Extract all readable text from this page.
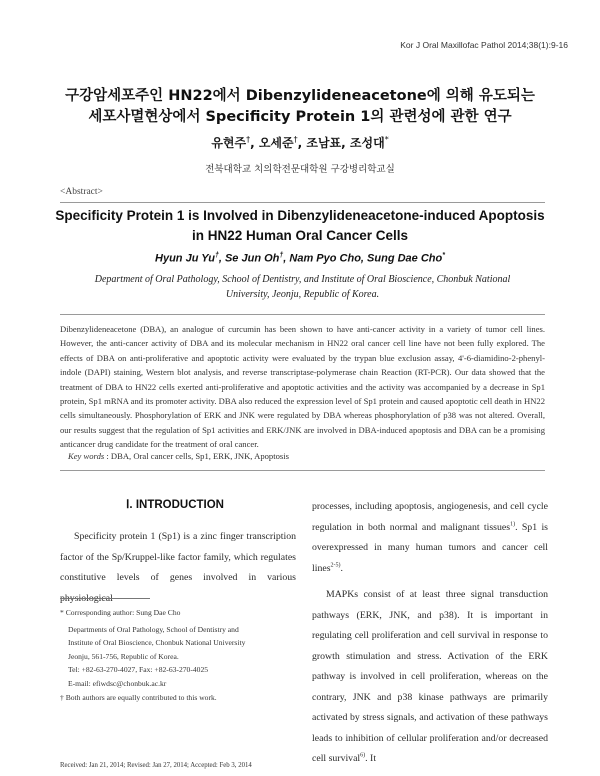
Kor J Oral Maxillofac Pathol 2014;38(1):9-16
구강암세포주인 HN22에서 Dibenzylideneacetone에 의해 유도되는
세포사멸현상에서 Specificity Protein 1의 관련성에 관한 연구
유현주†, 오세준†, 조남표, 조성대*
전북대학교 치의학전문대학원 구강병리학교실
<Abstract>
Specificity Protein 1 is Involved in Dibenzylideneacetone-induced Apoptosis
in HN22 Human Oral Cancer Cells
Hyun Ju Yu†, Se Jun Oh†, Nam Pyo Cho, Sung Dae Cho*
Department of Oral Pathology, School of Dentistry, and Institute of Oral Bioscience, Chonbuk National
University, Jeonju, Republic of Korea.
Dibenzylideneacetone (DBA), an analogue of curcumin has been shown to have anti-cancer activity in a variety of tumor cell lines. However, the anti-cancer activity of DBA and its molecular mechanism in HN22 oral cancer cell line have not been fully explored. The effects of DBA on anti-proliferative and apoptotic activity were evaluated by the trypan blue exclusion assay, 4'-6-diamidino-2-phenyl-indole (DAPI) staining, Western blot analysis, and reverse transcriptase-polymerase chain Reaction (RT-PCR). Our data showed that the treatment of DBA to HN22 cells exerted anti-proliferative and apoptotic activities and the activity was accompanied by a decrease in Sp1 protein, Sp1 mRNA and its promoter activity. DBA also reduced the expression level of Sp1 protein and caused apoptotic cell death in HN22 cells simultaneously. Phosphorylation of ERK and JNK were regulated by DBA whereas phosphorylation of p38 was not altered. Overall, our results suggest that the regulation of Sp1 activities and ERK/JNK are involved in DBA-induced apoptosis and DBA can be a promising anticancer drug candidate for the treatment of oral cancer.
Key words : DBA, Oral cancer cells, Sp1, ERK, JNK, Apoptosis
Ⅰ. INTRODUCTION

Specificity protein 1 (Sp1) is a zinc finger transcription factor of the Sp/Kruppel-like factor family, which regulates constitutive levels of genes involved in various physiological

processes, including apoptosis, angiogenesis, and cell cycle regulation in both normal and malignant tissues$^{1)}$. Sp1 is overexpressed in many human tumors and cancer cell lines$^{2-5)}$.

MAPKs consist of at least three signal transduction pathways (ERK, JNK, and p38). It is important in regulating cell proliferation and cell survival in response to growth stimulation and stress. Activation of the ERK pathway is involved in cell proliferation, whereas on the contrary, JNK and p38 kinase pathways are primarily activated by stress signals, and activation of these pathways leads to inhibition of cellular proliferation and/or decreased cell survival$^{6)}$. It

* Corresponding author: Sung Dae Cho
Departments of Oral Pathology, School of Dentistry and
Institute of Oral Bioscience, Chonbuk National University
Jeonju, 561-756, Republic of Korea.
Tel: +82-63-270-4027, Fax: +82-63-270-4025
E-mail: efiwdsc@chonbuk.ac.kr
† Both authors are equally contributed to this work.
Received: Jan 21, 2014; Revised: Jan 27, 2014; Accepted: Feb 3, 2014
